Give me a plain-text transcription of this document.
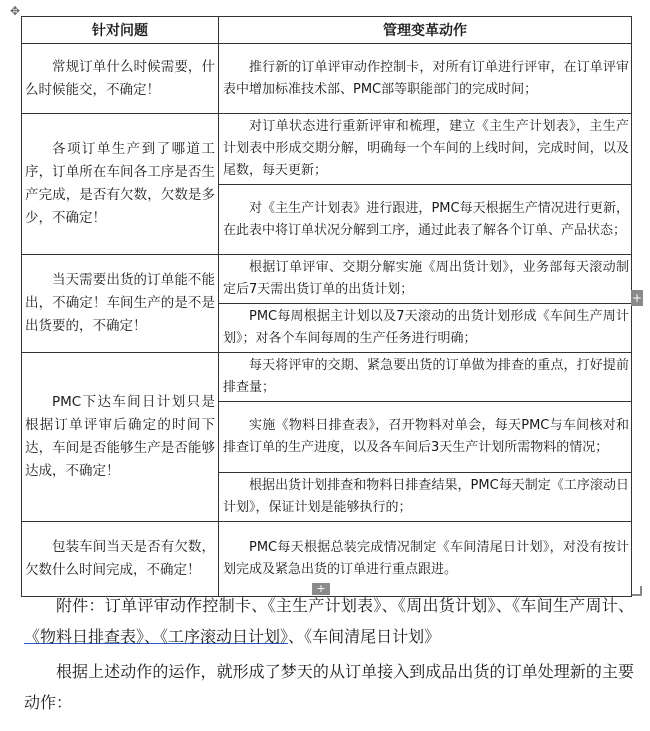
✥
针对问题	管理变革动作
常规订单什么时候需要，什么时候能交，不确定！	推行新的订单评审动作控制卡，对所有订单进行评审，在订单评审表中增加标准技术部、PMC部等职能部门的完成时间；
各项订单生产到了哪道工序，订单所在车间各工序是否生产完成，是否有欠数，欠数是多少，不确定！	对订单状态进行重新评审和梳理，建立《主生产计划表》，主生产计划表中形成交期分解，明确每一个车间的上线时间，完成时间，以及尾数，每天更新；
	对《主生产计划表》进行跟进，PMC每天根据生产情况进行更新，在此表中将订单状况分解到工序，通过此表了解各个订单、产品状态；
当天需要出货的订单能不能出，不确定！车间生产的是不是出货要的，不确定！	根据订单评审、交期分解实施《周出货计划》，业务部每天滚动制定后7天需出货订单的出货计划；
	PMC每周根据主计划以及7天滚动的出货计划形成《车间生产周计划》；对各个车间每周的生产任务进行明确；
PMC下达车间日计划只是根据订单评审后确定的时间下达，车间是否能够生产是否能够达成，不确定！	每天将评审的交期、紧急要出货的订单做为排查的重点，打好提前排查量；
	实施《物料日排查表》，召开物料对单会，每天PMC与车间核对和排查订单的生产进度，以及各车间后3天生产计划所需物料的情况；
	根据出货计划排查和物料日排查结果，PMC每天制定《工序滚动日计划》，保证计划是能够执行的；
包装车间当天是否有欠数，欠数什么时间完成，不确定！	PMC每天根据总装完成情况制定《车间清尾日计划》，对没有按计划完成及紧急出货的订单进行重点跟进。
+
+
附件：订单评审动作控制卡、《主生产计划表》、《周出货计划》、《车间生产周计、《物料日排查表》、《工序滚动日计划》、《车间清尾日计划》
根据上述动作的运作，就形成了梦天的从订单接入到成品出货的订单处理新的主要动作：
